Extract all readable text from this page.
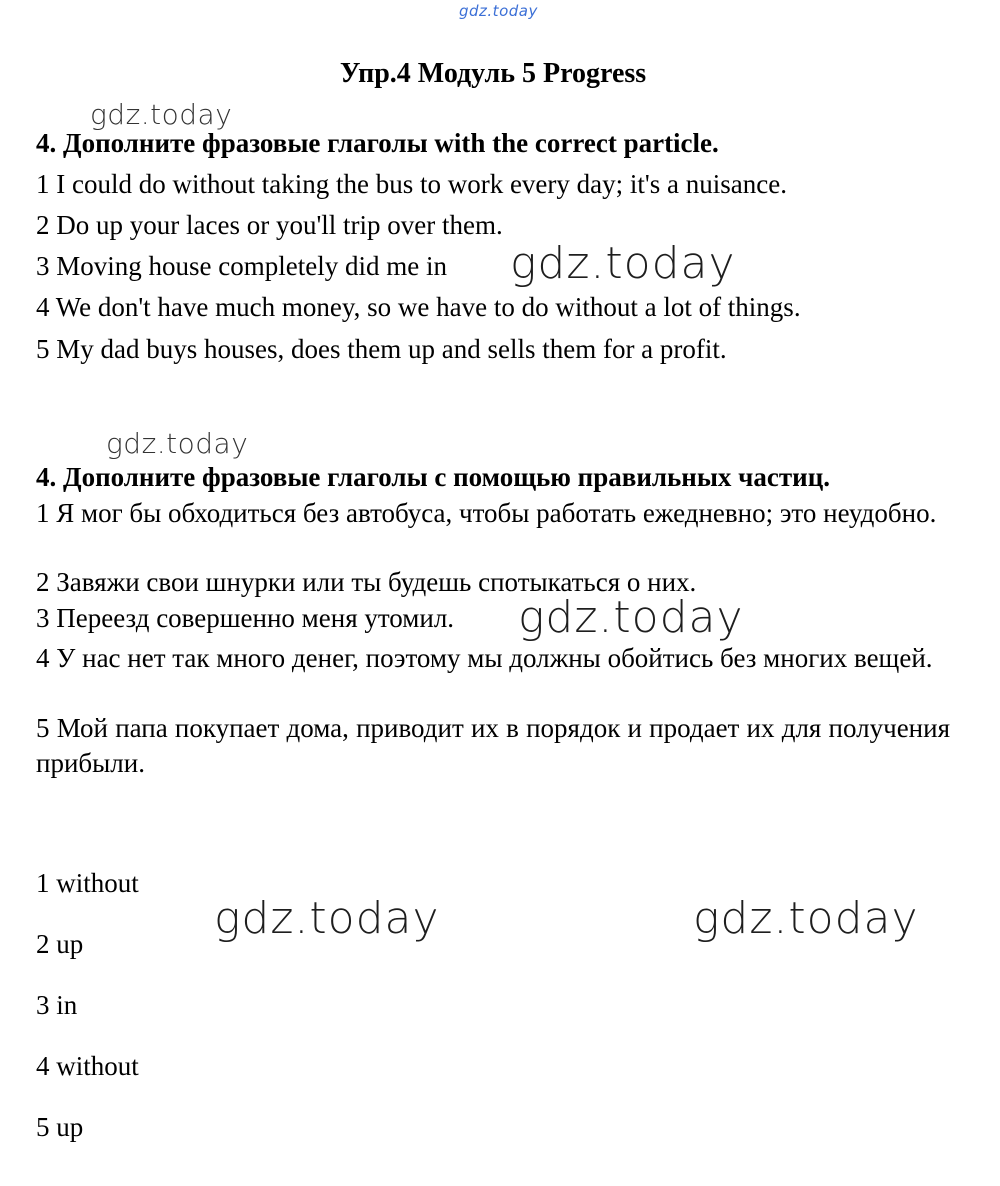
gdz.today
Упр.4 Модуль 5 Progress
gdz.today
4. Дополните фразовые глаголы with the correct particle.
1 I could do without taking the bus to work every day; it's a nuisance.
2 Do up your laces or you'll trip over them.
3 Moving house completely did me in gdz.today
4 We don't have much money, so we have to do without a lot of things.
5 My dad buys houses, does them up and sells them for a profit.
gdz.today
4. Дополните фразовые глаголы с помощью правильных частиц.
1 Я мог бы обходиться без автобуса, чтобы работать ежедневно; это неудобно.
2 Завяжи свои шнурки или ты будешь спотыкаться о них.
3 Переезд совершенно меня утомил. gdz.today
4 У нас нет так много денег, поэтому мы должны обойтись без многих вещей.
5 Мой папа покупает дома, приводит их в порядок и продает их для получения прибыли.
1 without
gdz.today	gdz.today
2 up
3 in
4 without
5 up
